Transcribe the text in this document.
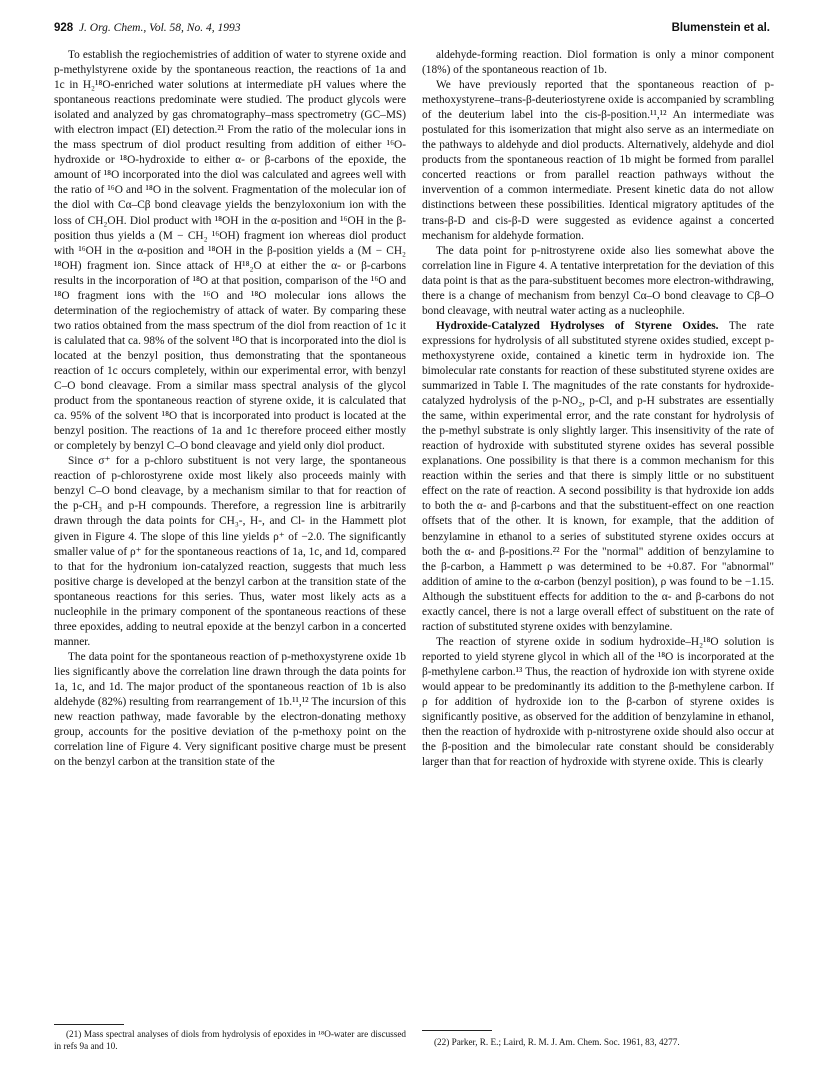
928 J. Org. Chem., Vol. 58, No. 4, 1993	Blumenstein et al.

To establish the regiochemistries of addition of water to styrene oxide and p-methylstyrene oxide by the spontaneous reaction, the reactions of 1a and 1c in H₂¹⁸O-enriched water solutions at intermediate pH values where the spontaneous reactions predominate were studied. The product glycols were isolated and analyzed by gas chromatography–mass spectrometry (GC–MS) with electron impact (EI) detection.²¹ From the ratio of the molecular ions in the mass spectrum of diol product resulting from addition of either ¹⁶O-hydroxide or ¹⁸O-hydroxide to either α- or β-carbons of the epoxide, the amount of ¹⁸O incorporated into the diol was calculated and agrees well with the ratio of ¹⁶O and ¹⁸O in the solvent. Fragmentation of the molecular ion of the diol with Cα–Cβ bond cleavage yields the benzyloxonium ion with the loss of CH₂OH. Diol product with ¹⁸OH in the α-position and ¹⁶OH in the β-position thus yields a (M − CH₂ ¹⁶OH) fragment ion whereas diol product with ¹⁶OH in the α-position and ¹⁸OH in the β-position yields a (M − CH₂ ¹⁸OH) fragment ion. Since attack of H¹⁸₂O at either the α- or β-carbons results in the incorporation of ¹⁸O at that position, comparison of the ¹⁶O and ¹⁸O fragment ions with the ¹⁶O and ¹⁸O molecular ions allows the determination of the regiochemistry of attack of water. By comparing these two ratios obtained from the mass spectrum of the diol from reaction of 1c it is calulated that ca. 98% of the solvent ¹⁸O that is incorporated into the diol is located at the benzyl position, thus demonstrating that the spontaneous reaction of 1c occurs completely, within our experimental error, with benzyl C–O bond cleavage. From a similar mass spectral analysis of the glycol product from the spontaneous reaction of styrene oxide, it is calculated that ca. 95% of the solvent ¹⁸O that is incorporated into product is located at the benzyl position. The reactions of 1a and 1c therefore proceed either mostly or completely by benzyl C–O bond cleavage and yield only diol product.

Since σ⁺ for a p-chloro substituent is not very large, the spontaneous reaction of p-chlorostyrene oxide most likely also proceeds mainly with benzyl C–O bond cleavage, by a mechanism similar to that for reaction of the p-CH₃ and p-H compounds. Therefore, a regression line is arbitrarily drawn through the data points for CH₃-, H-, and Cl- in the Hammett plot given in Figure 4. The slope of this line yields ρ⁺ of −2.0. The significantly smaller value of ρ⁺ for the spontaneous reactions of 1a, 1c, and 1d, compared to that for the hydronium ion-catalyzed reaction, suggests that much less positive charge is developed at the benzyl carbon at the transition state of the spontaneous reactions for this series. Thus, water most likely acts as a nucleophile in the primary component of the spontaneous reactions of these three epoxides, adding to neutral epoxide at the benzyl carbon in a concerted manner.

The data point for the spontaneous reaction of p-methoxystyrene oxide 1b lies significantly above the correlation line drawn through the data points for 1a, 1c, and 1d. The major product of the spontaneous reaction of 1b is also aldehyde (82%) resulting from rearrangement of 1b.¹¹,¹² The incursion of this new reaction pathway, made favorable by the electron-donating methoxy group, accounts for the positive deviation of the p-methoxy point on the correlation line of Figure 4. Very significant positive charge must be present on the benzyl carbon at the transition state of the

(21) Mass spectral analyses of diols from hydrolysis of epoxides in ¹⁸O-water are discussed in refs 9a and 10.

aldehyde-forming reaction. Diol formation is only a minor component (18%) of the spontaneous reaction of 1b.

We have previously reported that the spontaneous reaction of p-methoxystyrene–trans-β-deuteriostyrene oxide is accompanied by scrambling of the deuterium label into the cis-β-position.¹¹,¹² An intermediate was postulated for this isomerization that might also serve as an intermediate on the pathways to aldehyde and diol products. Alternatively, aldehyde and diol products from the spontaneous reaction of 1b might be formed from parallel concerted reactions or from parallel reaction pathways without the invervention of a common intermediate. Present kinetic data do not allow distinctions between these possibilities. Identical migratory aptitudes of the trans-β-D and cis-β-D were suggested as evidence against a concerted mechanism for aldehyde formation.

The data point for p-nitrostyrene oxide also lies somewhat above the correlation line in Figure 4. A tentative interpretation for the deviation of this data point is that as the para-substituent becomes more electron-withdrawing, there is a change of mechanism from benzyl Cα–O bond cleavage to Cβ–O bond cleavage, with neutral water acting as a nucleophile.

Hydroxide-Catalyzed Hydrolyses of Styrene Oxides. The rate expressions for hydrolysis of all substituted styrene oxides studied, except p-methoxystyrene oxide, contained a kinetic term in hydroxide ion. The bimolecular rate constants for reaction of these substituted styrene oxides are summarized in Table I. The magnitudes of the rate constants for hydroxide-catalyzed hydrolysis of the p-NO₂, p-Cl, and p-H substrates are essentially the same, within experimental error, and the rate constant for hydrolysis of the p-methyl substrate is only slightly larger. This insensitivity of the rate of reaction of hydroxide with substituted styrene oxides has several possible explanations. One possibility is that there is a common mechanism for this reaction within the series and that there is simply little or no substituent effect on the rate of reaction. A second possibility is that hydroxide ion adds to both the α- and β-carbons and that the substituent-effect on one reaction offsets that of the other. It is known, for example, that the addition of benzylamine in ethanol to a series of substituted styrene oxides occurs at both the α- and β-positions.²² For the "normal" addition of benzylamine to the β-carbon, a Hammett ρ was determined to be +0.87. For "abnormal" addition of amine to the α-carbon (benzyl position), ρ was found to be −1.15. Although the substituent effects for addition to the α- and β-carbons do not exactly cancel, there is not a large overall effect of substituent on the rate of raction of substituted styrene oxides with benzylamine.

The reaction of styrene oxide in sodium hydroxide–H₂¹⁸O solution is reported to yield styrene glycol in which all of the ¹⁸O is incorporated at the β-methylene carbon.¹³ Thus, the reaction of hydroxide ion with styrene oxide would appear to be predominantly its addition to the β-methylene carbon. If ρ for addition of hydroxide ion to the β-carbon of styrene oxides is significantly positive, as observed for the addition of benzylamine in ethanol, then the reaction of hydroxide with p-nitrostyrene oxide should also occur at the β-position and the bimolecular rate constant should be considerably larger than that for reaction of hydroxide with styrene oxide. This is clearly

(22) Parker, R. E.; Laird, R. M. J. Am. Chem. Soc. 1961, 83, 4277.
